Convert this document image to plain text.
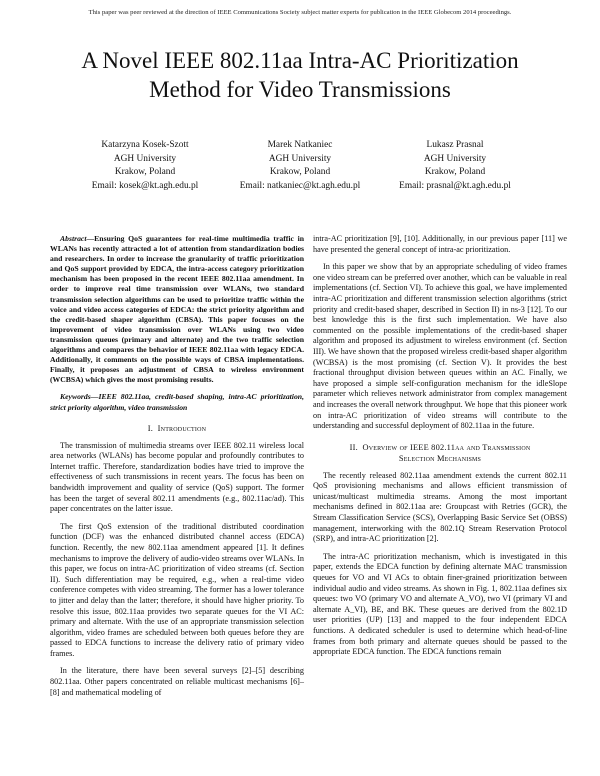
This paper was peer reviewed at the direction of IEEE Communications Society subject matter experts for publication in the IEEE Globecom 2014 proceedings.
A Novel IEEE 802.11aa Intra-AC Prioritization
Method for Video Transmissions
Katarzyna Kosek-Szott
AGH University
Krakow, Poland
Email: kosek@kt.agh.edu.pl
Marek Natkaniec
AGH University
Krakow, Poland
Email: natkaniec@kt.agh.edu.pl
Lukasz Prasnal
AGH University
Krakow, Poland
Email: prasnal@kt.agh.edu.pl

Abstract—Ensuring QoS guarantees for real-time multimedia traffic in WLANs has recently attracted a lot of attention from standardization bodies and researchers. In order to increase the granularity of traffic prioritization and QoS support provided by EDCA, the intra-access category prioritization mechanism has been proposed in the recent IEEE 802.11aa amendment. In order to improve real time transmission over WLANs, two standard transmission selection algorithms can be used to prioritize traffic within the voice and video access categories of EDCA: the strict priority algorithm and the credit-based shaper algorithm (CBSA). This paper focuses on the improvement of video transmission over WLANs using two video transmission queues (primary and alternate) and the two traffic selection algorithms and compares the behavior of IEEE 802.11aa with legacy EDCA. Additionally, it comments on the possible ways of CBSA implementations. Finally, it proposes an adjustment of CBSA to wireless environment (WCBSA) which gives the most promising results.

Keywords—IEEE 802.11aa, credit-based shaping, intra-AC prioritization, strict priority algorithm, video transmission

I. Introduction

The transmission of multimedia streams over IEEE 802.11 wireless local area networks (WLANs) has become popular and profoundly contributes to Internet traffic. Therefore, standardization bodies have tried to improve the effectiveness of such transmissions in recent years. The focus has been on bandwidth improvement and quality of service (QoS) support. The former has been the target of several 802.11 amendments (e.g., 802.11ac/ad). This paper concentrates on the latter issue.

The first QoS extension of the traditional distributed coordination function (DCF) was the enhanced distributed channel access (EDCA) function. Recently, the new 802.11aa amendment appeared [1]. It defines mechanisms to improve the delivery of audio-video streams over WLANs. In this paper, we focus on intra-AC prioritization of video streams (cf. Section II). Such differentiation may be required, e.g., when a real-time video conference competes with video streaming. The former has a lower tolerance to jitter and delay than the latter; therefore, it should have higher priority. To resolve this issue, 802.11aa provides two separate queues for the VI AC: primary and alternate. With the use of an appropriate transmission selection algorithm, video frames are scheduled between both queues before they are passed to EDCA functions to increase the delivery ratio of primary video frames.

In the literature, there have been several surveys [2]–[5] describing 802.11aa. Other papers concentrated on reliable multicast mechanisms [6]–[8] and mathematical modeling of

intra-AC prioritization [9], [10]. Additionally, in our previous paper [11] we have presented the general concept of intra-ac prioritization.

In this paper we show that by an appropriate scheduling of video frames one video stream can be preferred over another, which can be valuable in real implementations (cf. Section VI). To achieve this goal, we have implemented intra-AC prioritization and different transmission selection algorithms (strict priority and credit-based shaper, described in Section II) in ns-3 [12]. To our best knowledge this is the first such implementation. We have also commented on the possible implementations of the credit-based shaper algorithm and proposed its adjustment to wireless environment (cf. Section III). We have shown that the proposed wireless credit-based shaper algorithm (WCBSA) is the most promising (cf. Section V). It provides the best fractional throughput division between queues within an AC. Finally, we have proposed a simple self-configuration mechanism for the idleSlope parameter which relieves network administrator from complex management and increases the overall network throughput. We hope that this pioneer work on intra-AC prioritization of video streams will contribute to the understanding and successful deployment of 802.11aa in the future.

II. Overview of IEEE 802.11aa and Transmission
Selection Mechanisms

The recently released 802.11aa amendment extends the current 802.11 QoS provisioning mechanisms and allows efficient transmission of unicast/multicast multimedia streams. Among the most important mechanisms defined in 802.11aa are: Groupcast with Retries (GCR), the Stream Classification Service (SCS), Overlapping Basic Service Set (OBSS) management, interworking with the 802.1Q Stream Reservation Protocol (SRP), and intra-AC prioritization [2].

The intra-AC prioritization mechanism, which is investigated in this paper, extends the EDCA function by defining alternate MAC transmission queues for VO and VI ACs to obtain finer-grained prioritization between individual audio and video streams. As shown in Fig. 1, 802.11aa defines six queues: two VO (primary VO and alternate A_VO), two VI (primary VI and alternate A_VI), BE, and BK. These queues are derived from the 802.1D user priorities (UP) [13] and mapped to the four independent EDCA functions. A dedicated scheduler is used to determine which head-of-line frames from both primary and alternate queues should be passed to the appropriate EDCA function. The EDCA functions remain
